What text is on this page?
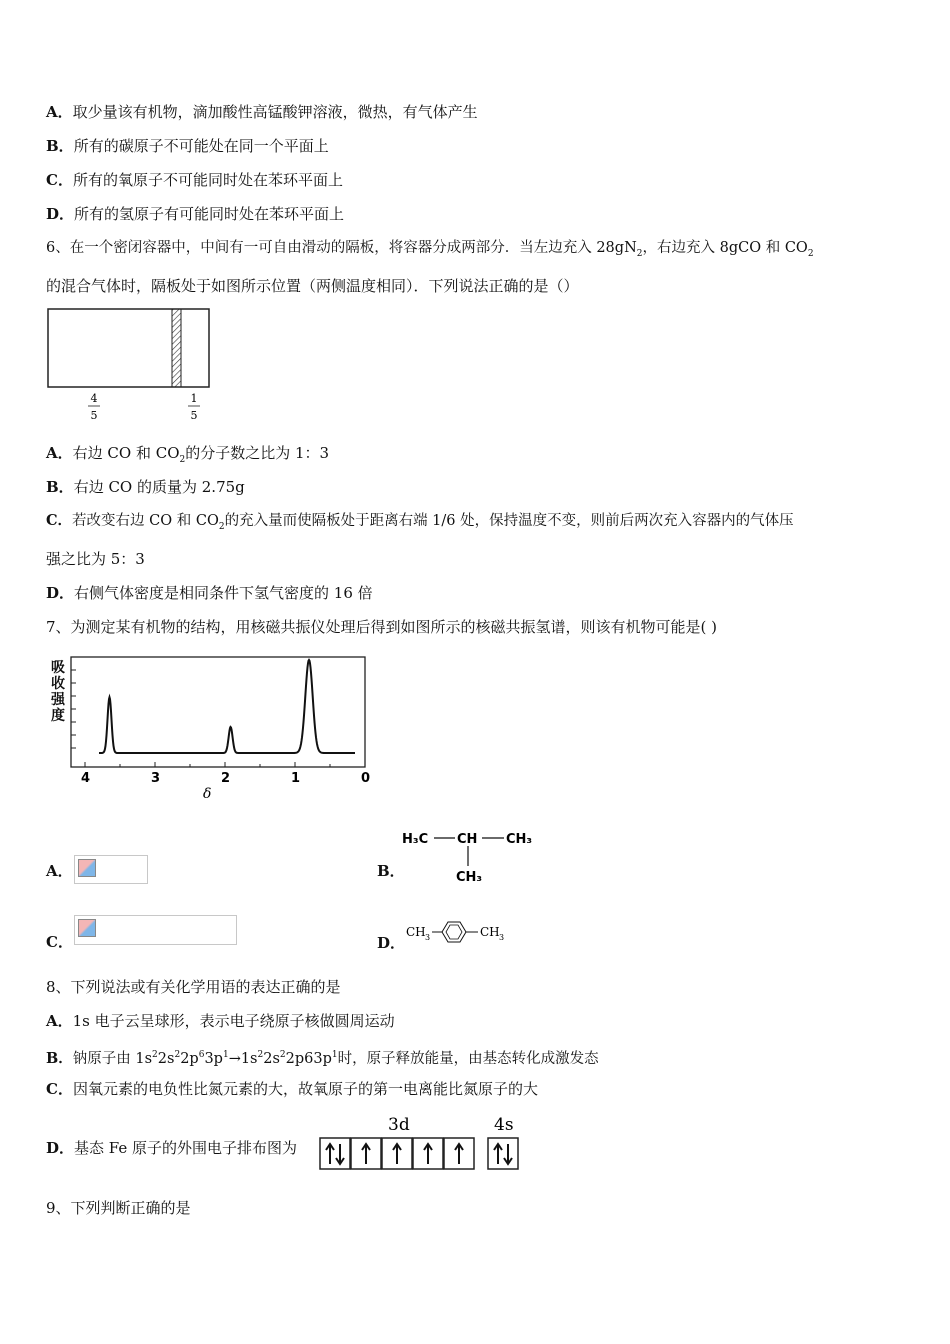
A．取少量该有机物，滴加酸性高锰酸钾溶液，微热，有气体产生
B．所有的碳原子不可能处在同一个平面上
C．所有的氧原子不可能同时处在苯环平面上
D．所有的氢原子有可能同时处在苯环平面上
6、在一个密闭容器中，中间有一可自由滑动的隔板，将容器分成两部分．当左边充入 $28gN_2$，右边充入 8gCO 和 $CO_2$
的混合气体时，隔板处于如图所示位置（两侧温度相同）．下列说法正确的是（）
4
5
1
5
A．右边 CO 和 $CO_2$的分子数之比为 1：3
B．右边 CO 的质量为 2.75g
C．若改变右边 CO 和 $CO_2$的充入量而使隔板处于距离右端 1/6 处，保持温度不变，则前后两次充入容器内的气体压
强之比为 5：3
D．右侧气体密度是相同条件下氢气密度的 16 倍
7、为测定某有机物的结构，用核磁共振仪处理后得到如图所示的核磁共振氢谱，则该有机物可能是( )
吸
收
强
度
4	3	2	1	0
δ
A．	B．
H₃C CH CH₃
CH₃
C．	D．
CH 3	CH 3
8、下列说法或有关化学用语的表达正确的是
A．1s 电子云呈球形，表示电子绕原子核做圆周运动
B．钠原子由 $1s^22s^22p^63p^1\to 1s^22s^22p63p^1$时，原子释放能量，由基态转化成激发态
C．因氧元素的电负性比氮元素的大，故氧原子的第一电离能比氮原子的大
D．基态 Fe 原子的外围电子排布图为
3d	4s
9、下列判断正确的是
